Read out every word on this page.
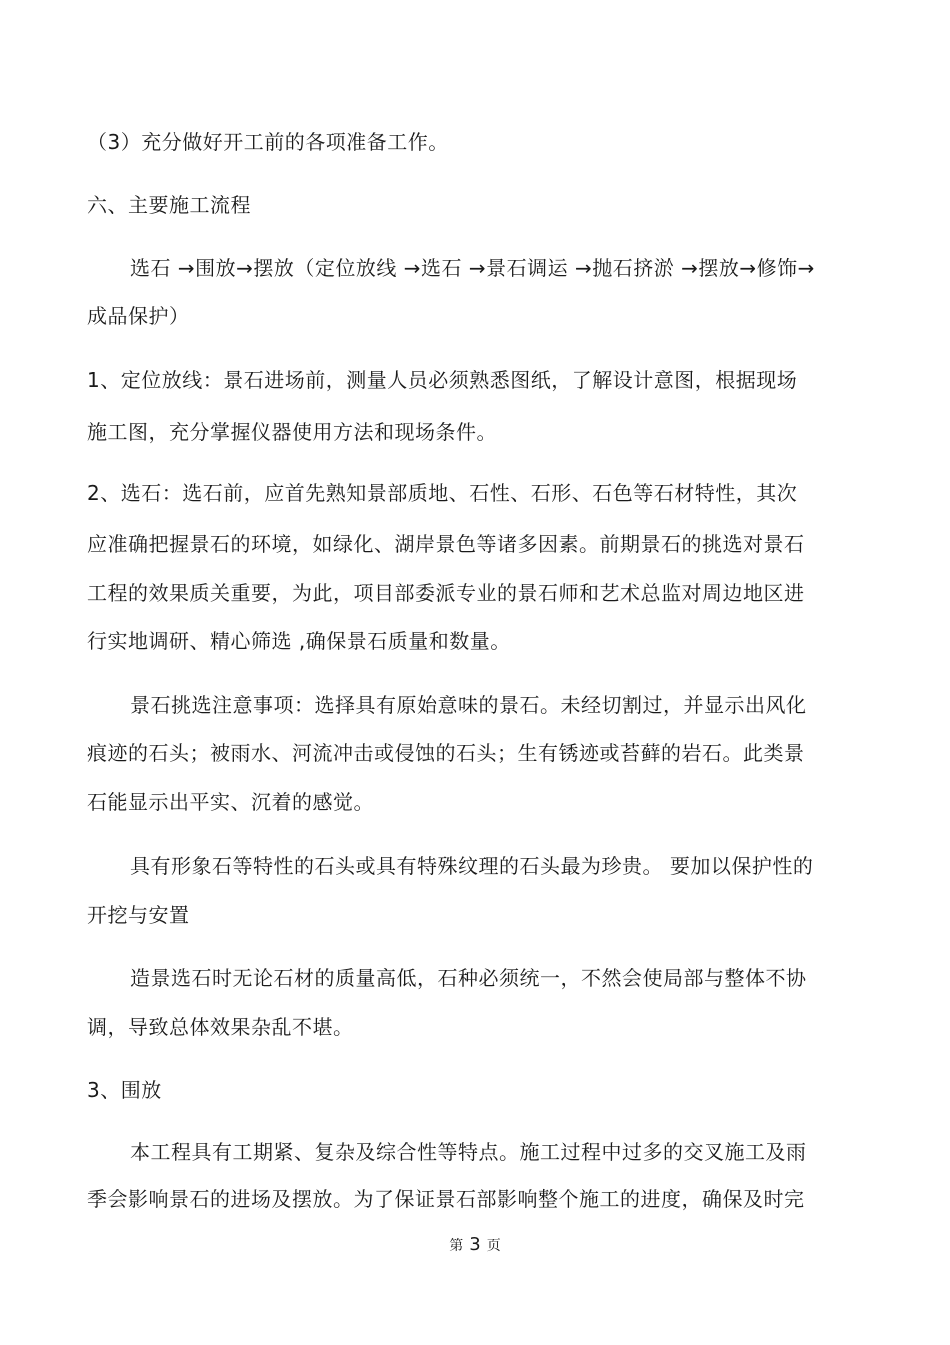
（3）充分做好开工前的各项准备工作。
六、主要施工流程
选石 →围放→摆放（定位放线 →选石 →景石调运 →抛石挤淤 →摆放→修饰→
成品保护）
1、定位放线：景石进场前，测量人员必须熟悉图纸，了解设计意图，根据现场
施工图，充分掌握仪器使用方法和现场条件。
2、选石：选石前，应首先熟知景部质地、石性、石形、石色等石材特性，其次
应准确把握景石的环境，如绿化、湖岸景色等诸多因素。前期景石的挑选对景石
工程的效果质关重要，为此，项目部委派专业的景石师和艺术总监对周边地区进
行实地调研、精心筛选 ,确保景石质量和数量。
景石挑选注意事项：选择具有原始意味的景石。未经切割过，并显示出风化
痕迹的石头；被雨水、河流冲击或侵蚀的石头；生有锈迹或苔藓的岩石。此类景
石能显示出平实、沉着的感觉。
具有形象石等特性的石头或具有特殊纹理的石头最为珍贵。 要加以保护性的
开挖与安置
造景选石时无论石材的质量高低，石种必须统一，不然会使局部与整体不协
调，导致总体效果杂乱不堪。
3、围放
本工程具有工期紧、复杂及综合性等特点。施工过程中过多的交叉施工及雨
季会影响景石的进场及摆放。为了保证景石部影响整个施工的进度，确保及时完
第 3 页
